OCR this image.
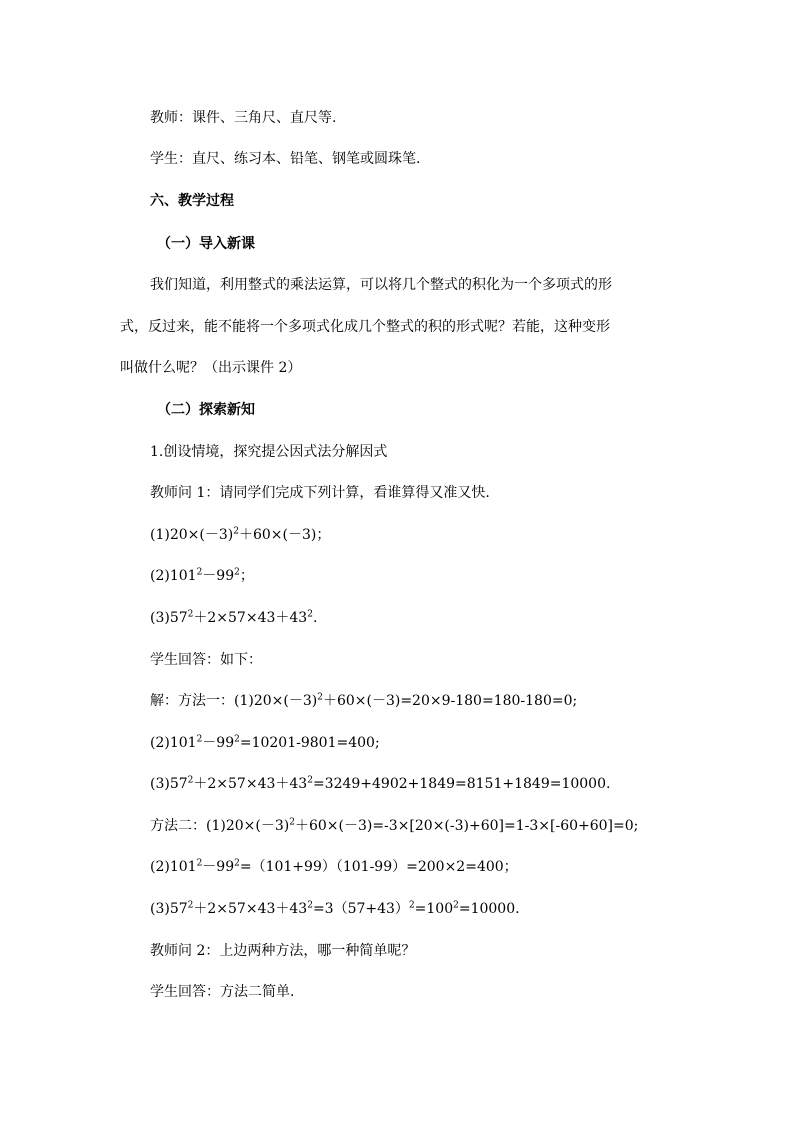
教师：课件、三角尺、直尺等.
学生：直尺、练习本、铅笔、钢笔或圆珠笔.
六、教学过程
（一）导入新课
我们知道，利用整式的乘法运算，可以将几个整式的积化为一个多项式的形
式，反过来，能不能将一个多项式化成几个整式的积的形式呢？若能，这种变形
叫做什么呢？（出示课件 2）
（二）探索新知
1.创设情境，探究提公因式法分解因式
教师问 1：请同学们完成下列计算，看谁算得又准又快.
$(1)20\times(-3)^2+60\times(-3)$；
$(2)101^2-99^2$；
$(3)57^2+2\times 57\times 43+43^2$.
学生回答：如下：
解：方法一：$(1)20\times(-3)^2+60\times(-3)=20\times 9-180=180-180=0$;
$(2)101^2-99^2=10201-9801=400$;
$(3)57^2+2\times 57\times 43+43^2=3249+4902+1849=8151+1849=10000$.
方法二：$(1)20\times(-3)^2+60\times(-3)=-3\times[20\times(-3)+60]=1-3\times[-60+60]=0$;
$(2)101^2-99^2=(101+99)(101-99)=200\times 2=400$；
$(3)57^2+2\times 57\times 43+43^2=3(57+43)^2=100^2=10000$.
教师问 2：上边两种方法，哪一种简单呢？
学生回答：方法二简单.
